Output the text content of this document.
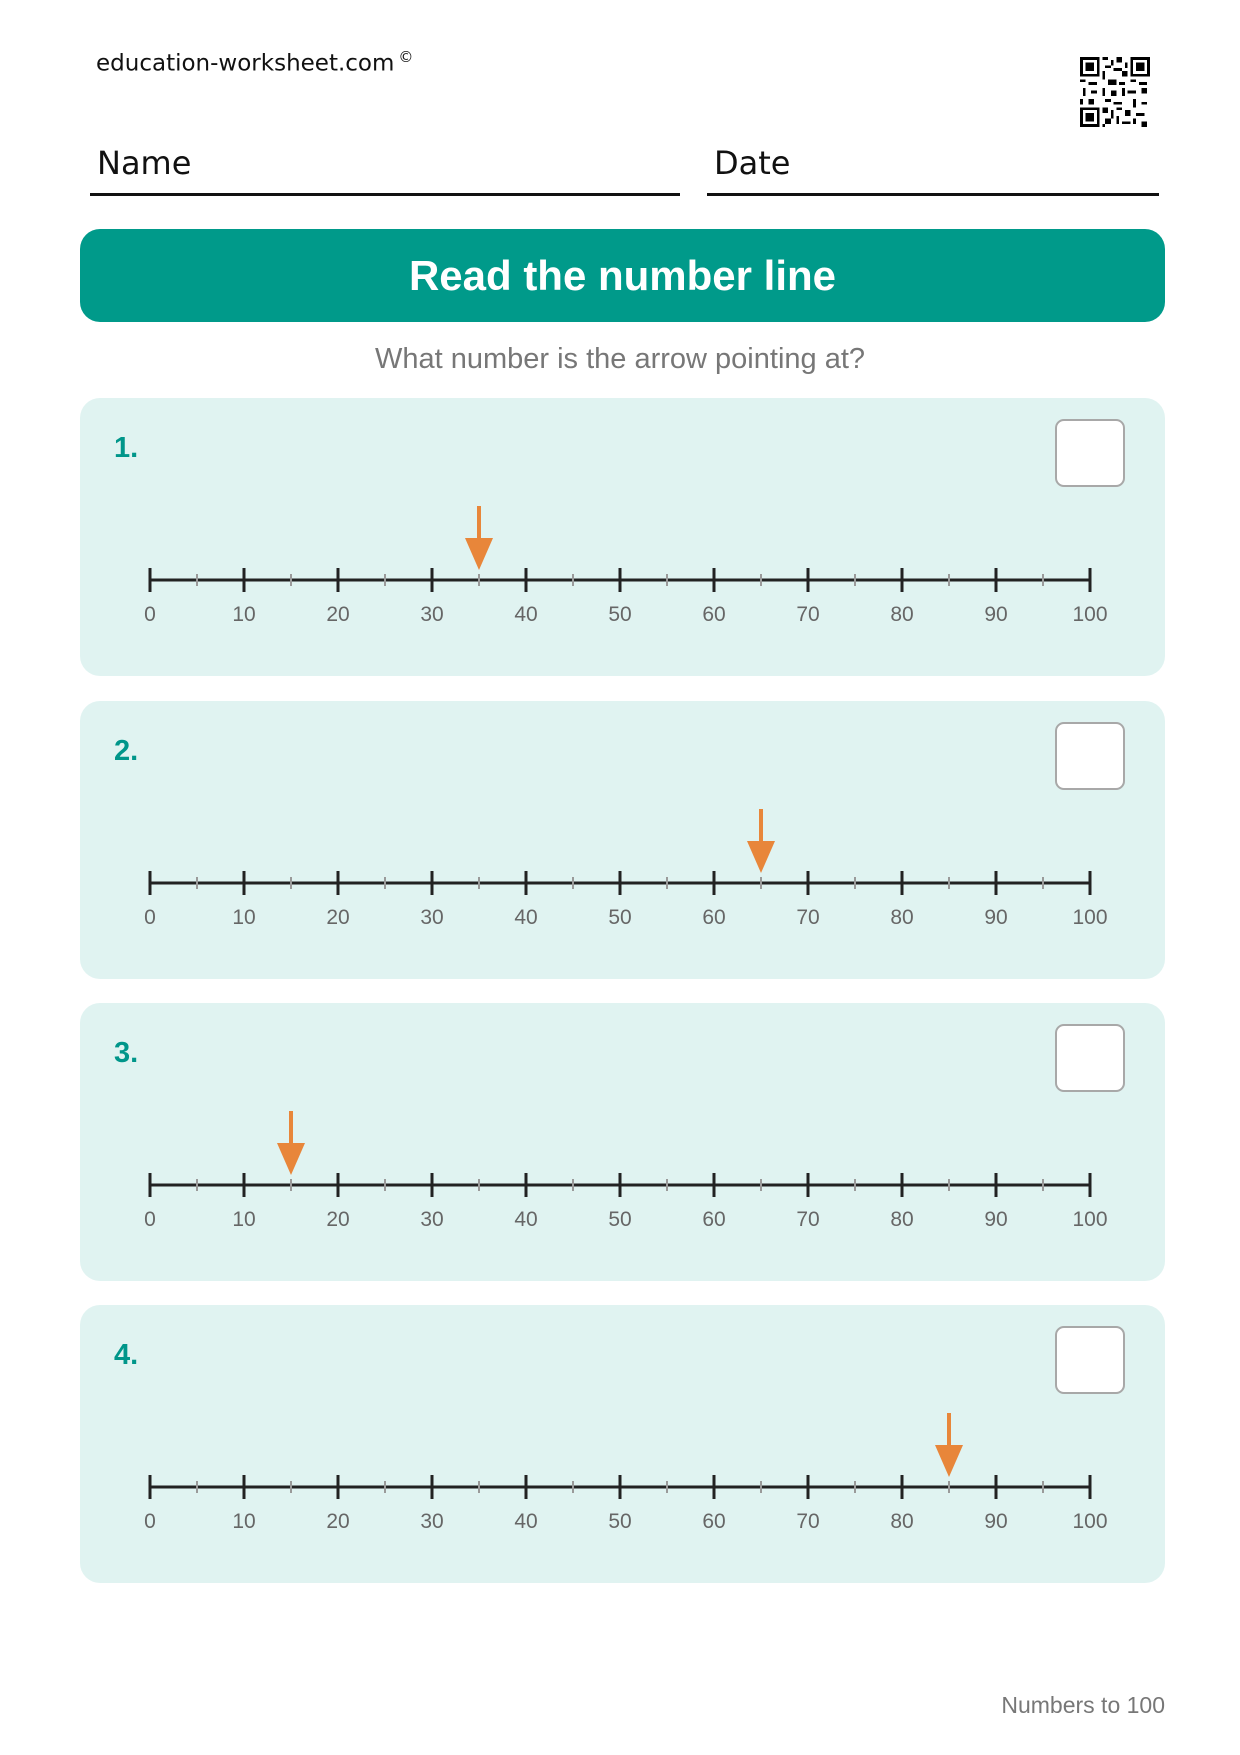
education-worksheet.com ©
Name	Date
Read the number line
What number is the arrow pointing at?
1.
0	10	20	30	40	50	60	70	80	90	100
2.
0	10	20	30	40	50	60	70	80	90	100
3.
0	10	20	30	40	50	60	70	80	90	100
4.
0	10	20	30	40	50	60	70	80	90	100
Numbers to 100
